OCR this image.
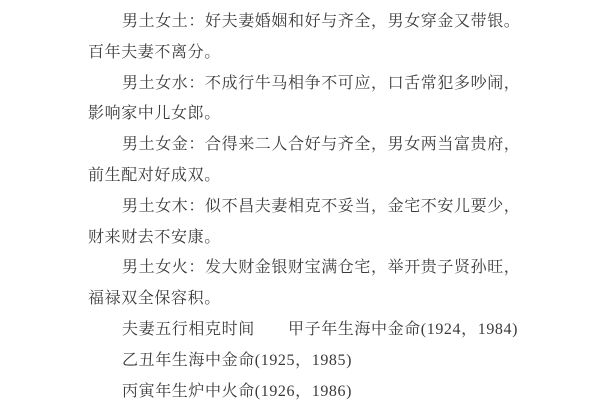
男土女土：好夫妻婚姻和好与齐全，男女穿金又带银。
百年夫妻不离分。
男土女水：不成行牛马相争不可应，口舌常犯多吵闹，
影响家中儿女郎。
男土女金：合得来二人合好与齐全，男女两当富贵府，
前生配对好成双。
男土女木：似不昌夫妻相克不妥当，金宅不安儿要少，
财来财去不安康。
男土女火：发大财金银财宝满仓宅，举开贵子贤孙旺，
福禄双全保容积。
夫妻五行相克时间　　甲子年生海中金命(1924，1984)
乙丑年生海中金命(1925，1985)
丙寅年生炉中火命(1926，1986)
